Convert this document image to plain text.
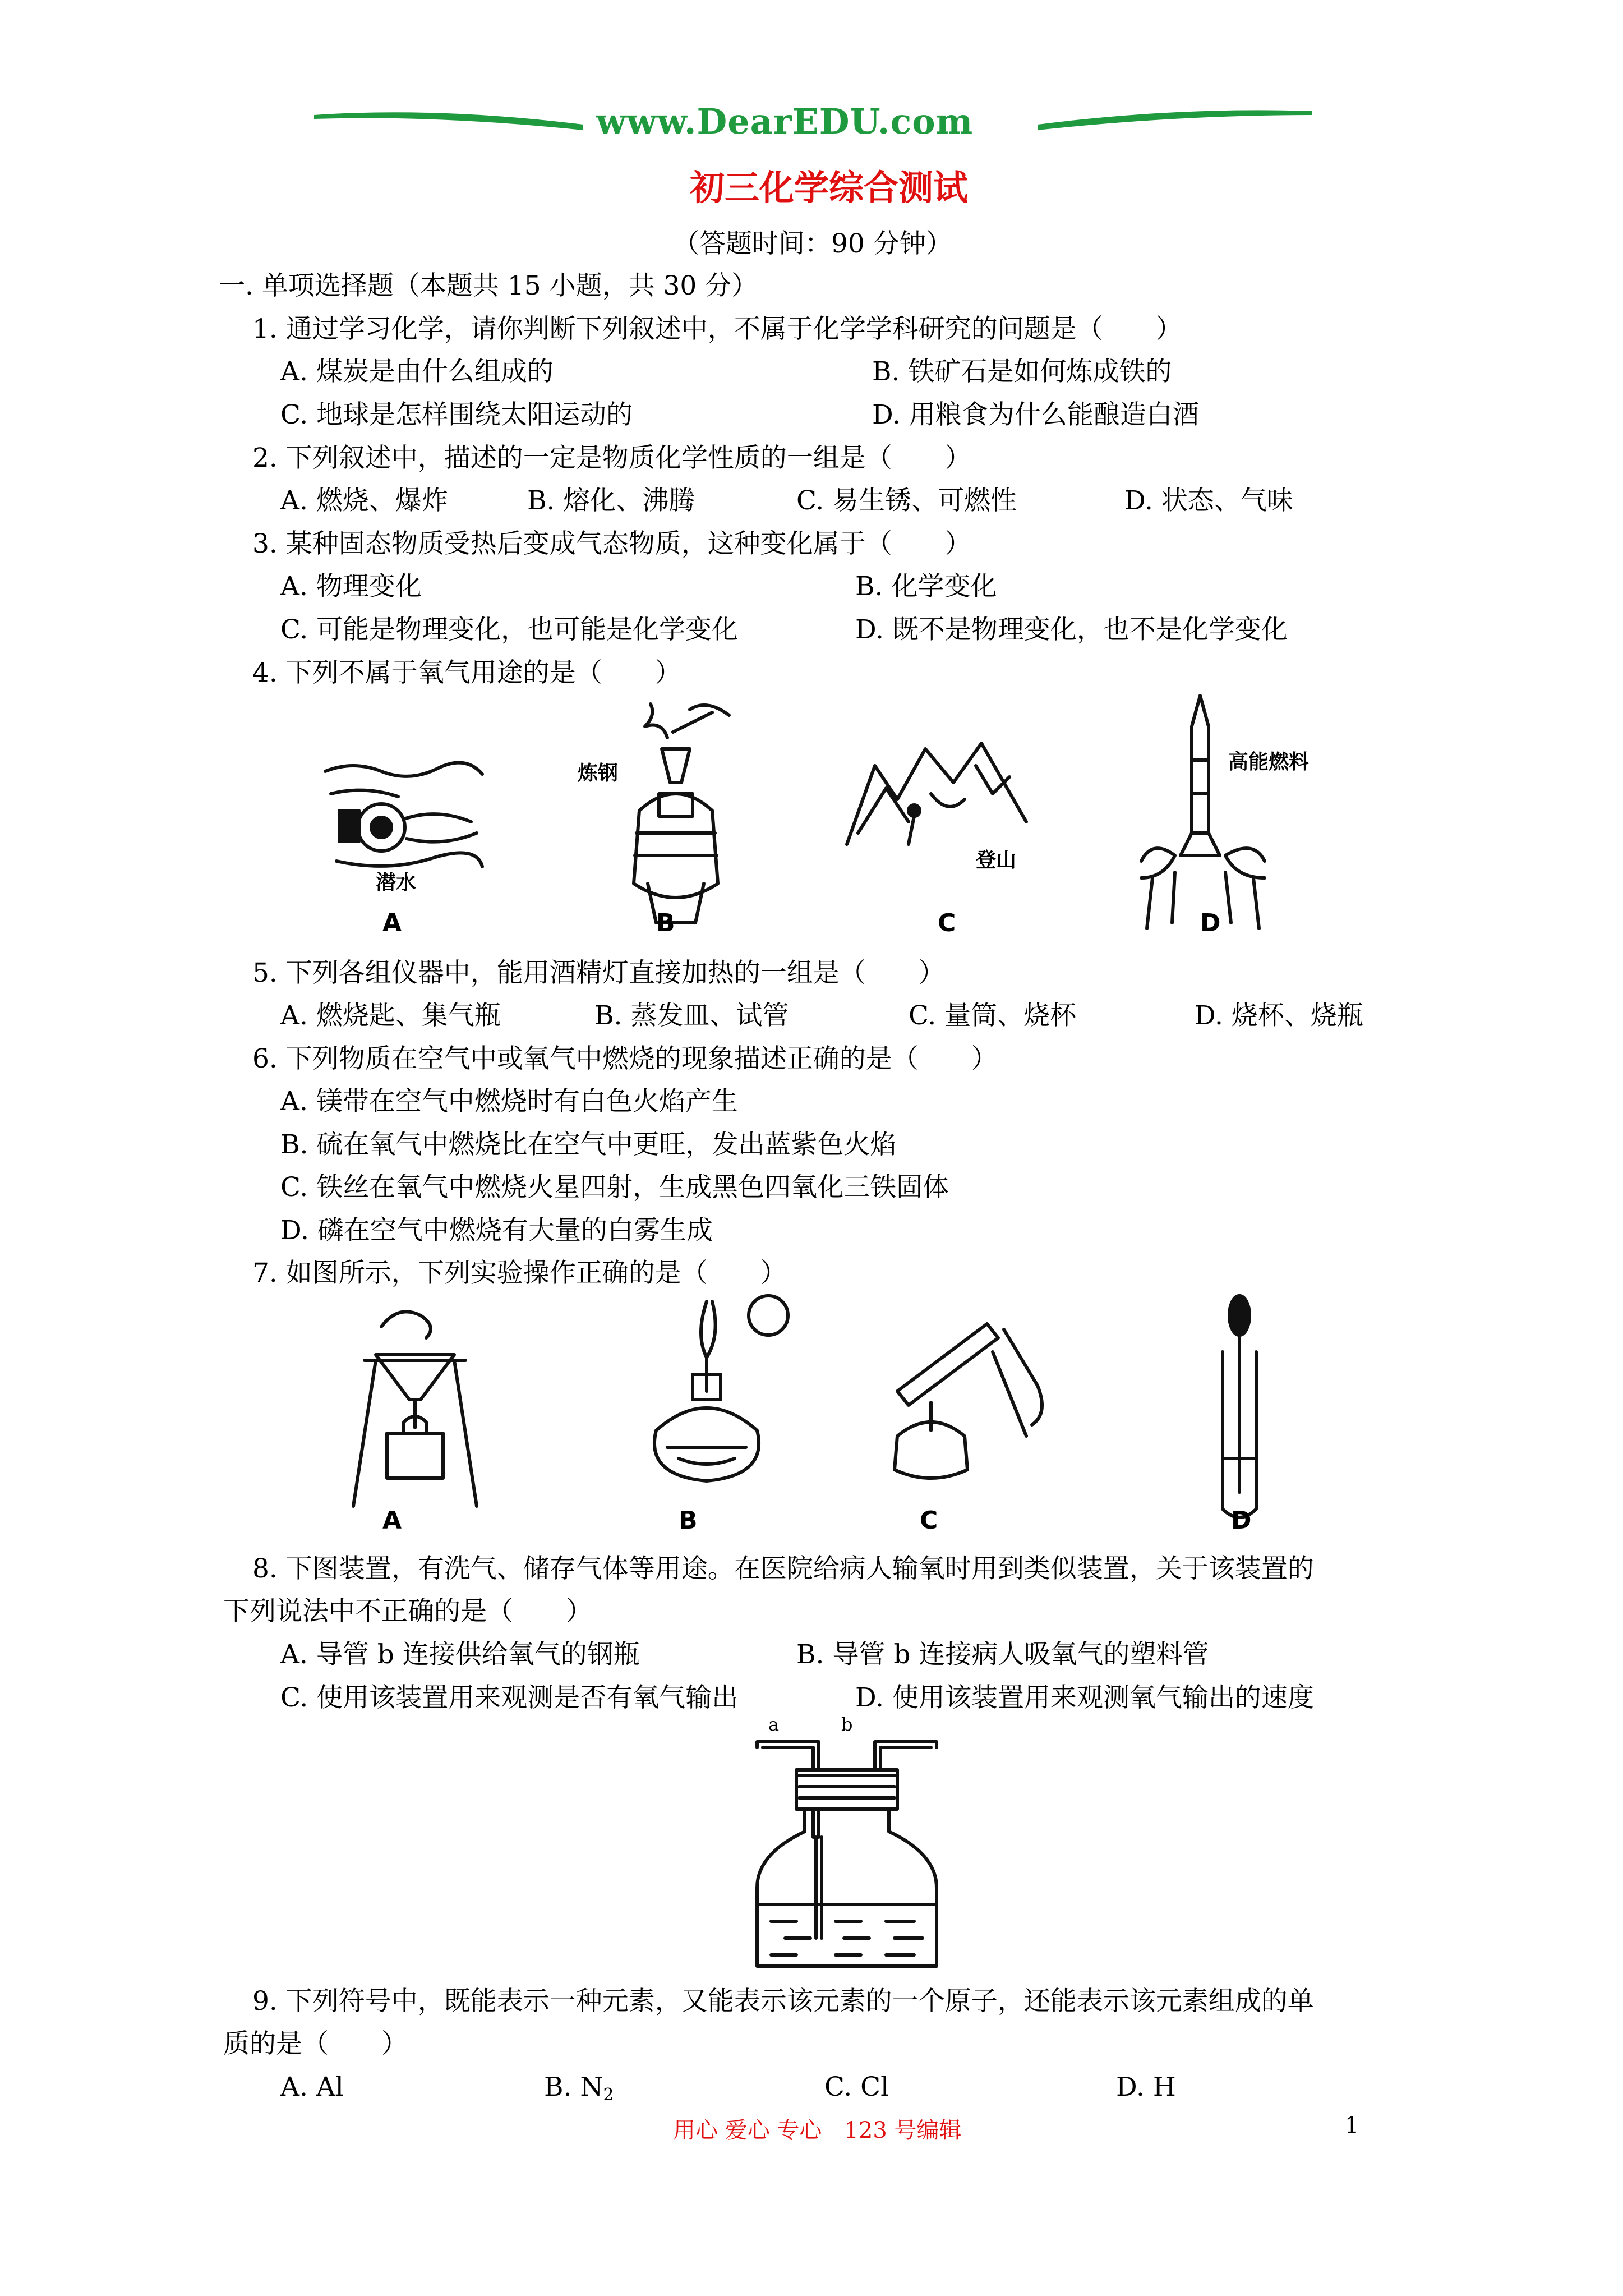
www.DearEDU.com
初三化学综合测试
（答题时间：90 分钟）
一. 单项选择题（本题共 15 小题，共 30 分）
1. 通过学习化学，请你判断下列叙述中，不属于化学学科研究的问题是（　　）
A. 煤炭是由什么组成的	B. 铁矿石是如何炼成铁的
C. 地球是怎样围绕太阳运动的	D. 用粮食为什么能酿造白酒
2. 下列叙述中，描述的一定是物质化学性质的一组是（　　）
A. 燃烧、爆炸	B. 熔化、沸腾	C. 易生锈、可燃性	D. 状态、气味
3. 某种固态物质受热后变成气态物质，这种变化属于（　　）
A. 物理变化	B. 化学变化
C. 可能是物理变化，也可能是化学变化	D. 既不是物理变化，也不是化学变化
4. 下列不属于氧气用途的是（　　）
潜水
炼钢
登山
高能燃料
A	B	C	D
5. 下列各组仪器中，能用酒精灯直接加热的一组是（　　）
A. 燃烧匙、集气瓶	B. 蒸发皿、试管	C. 量筒、烧杯	D. 烧杯、烧瓶
6. 下列物质在空气中或氧气中燃烧的现象描述正确的是（　　）
A. 镁带在空气中燃烧时有白色火焰产生
B. 硫在氧气中燃烧比在空气中更旺，发出蓝紫色火焰
C. 铁丝在氧气中燃烧火星四射，生成黑色四氧化三铁固体
D. 磷在空气中燃烧有大量的白雾生成
7. 如图所示，下列实验操作正确的是（　　）
A	B	C	D
8. 下图装置，有洗气、储存气体等用途。在医院给病人输氧时用到类似装置，关于该装置的
下列说法中不正确的是（　　）
A. 导管 b 连接供给氧气的钢瓶	B. 导管 b 连接病人吸氧气的塑料管
C. 使用该装置用来观测是否有氧气输出	D. 使用该装置用来观测氧气输出的速度
a	b
9. 下列符号中，既能表示一种元素，又能表示该元素的一个原子，还能表示该元素组成的单
质的是（　　）
A. Al	B. $N_2$	C. Cl	D. H
用心 爱心 专心　123 号编辑	1
